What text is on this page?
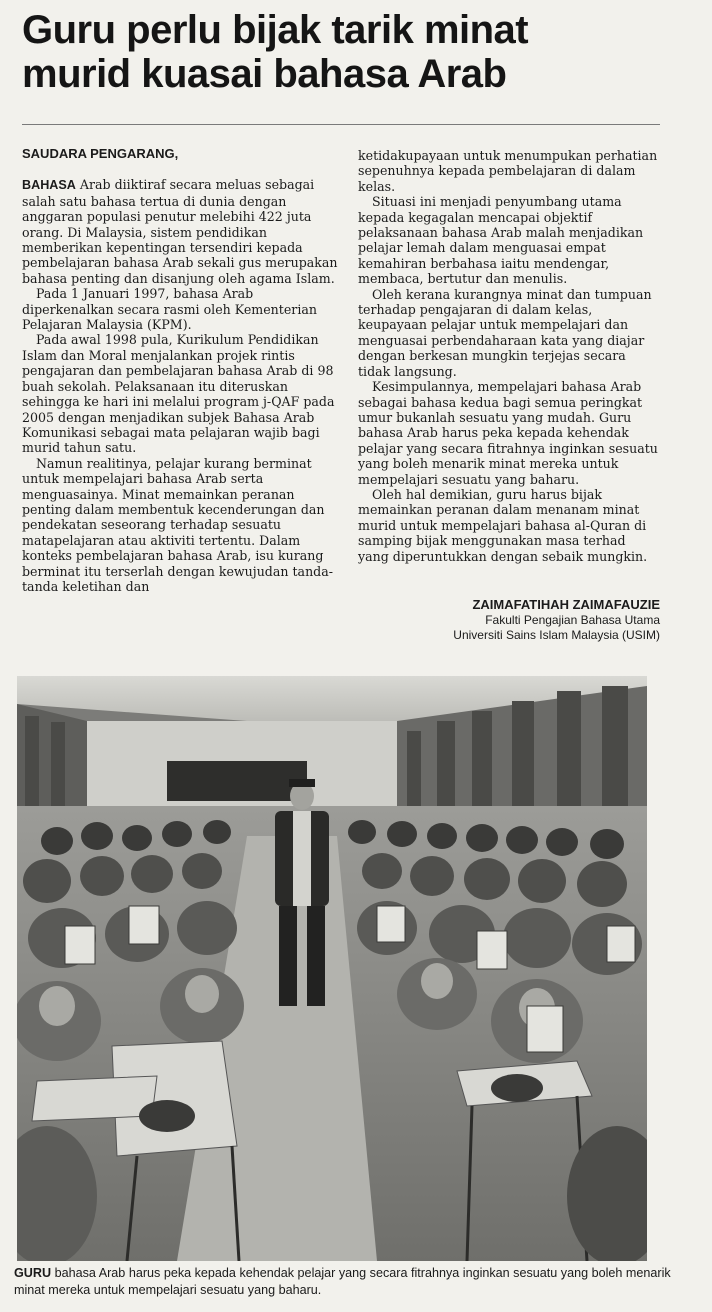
Guru perlu bijak tarik minat
murid kuasai bahasa Arab
SAUDARA PENGARANG,

BAHASA Arab diiktiraf secara meluas sebagai salah satu bahasa tertua di dunia dengan anggaran populasi penutur melebihi 422 juta orang. Di Malaysia, sistem pendidikan memberikan kepentingan tersendiri kepada pembelajaran bahasa Arab sekali gus merupakan bahasa penting dan disanjung oleh agama Islam.

Pada 1 Januari 1997, bahasa Arab diperkenalkan secara rasmi oleh Kementerian Pelajaran Malaysia (KPM).

Pada awal 1998 pula, Kurikulum Pendidikan Islam dan Moral menjalankan projek rintis pengajaran dan pembelajaran bahasa Arab di 98 buah sekolah. Pelaksanaan itu diteruskan sehingga ke hari ini melalui program j-QAF pada 2005 dengan menjadikan subjek Bahasa Arab Komunikasi sebagai mata pelajaran wajib bagi murid tahun satu.

Namun realitinya, pelajar kurang berminat untuk mempelajari bahasa Arab serta menguasainya. Minat memainkan peranan penting dalam membentuk kecenderungan dan pendekatan seseorang terhadap sesuatu matapelajaran atau aktiviti tertentu. Dalam konteks pembelajaran bahasa Arab, isu kurang berminat itu terserlah dengan kewujudan tanda-tanda keletihan dan

ketidakupayaan untuk menumpukan perhatian sepenuhnya kepada pembelajaran di dalam kelas.

Situasi ini menjadi penyumbang utama kepada kegagalan mencapai objektif pelaksanaan bahasa Arab malah menjadikan pelajar lemah dalam menguasai empat kemahiran berbahasa iaitu mendengar, membaca, bertutur dan menulis.

Oleh kerana kurangnya minat dan tumpuan terhadap pengajaran di dalam kelas, keupayaan pelajar untuk mempelajari dan menguasai perbendaharaan kata yang diajar dengan berkesan mungkin terjejas secara tidak langsung.

Kesimpulannya, mempelajari bahasa Arab sebagai bahasa kedua bagi semua peringkat umur bukanlah sesuatu yang mudah. Guru bahasa Arab harus peka kepada kehendak pelajar yang secara fitrahnya inginkan sesuatu yang boleh menarik minat mereka untuk mempelajari sesuatu yang baharu.

Oleh hal demikian, guru harus bijak memainkan peranan dalam menanam minat murid untuk mempelajari bahasa al-Quran di samping bijak menggunakan masa terhad yang diperuntukkan dengan sebaik mungkin.

ZAIMAFATIHAH ZAIMAFAUZIE
Fakulti Pengajian Bahasa Utama
Universiti Sains Islam Malaysia (USIM)
GURU bahasa Arab harus peka kepada kehendak pelajar yang secara fitrahnya inginkan sesuatu yang boleh menarik minat mereka untuk mempelajari sesuatu yang baharu.
